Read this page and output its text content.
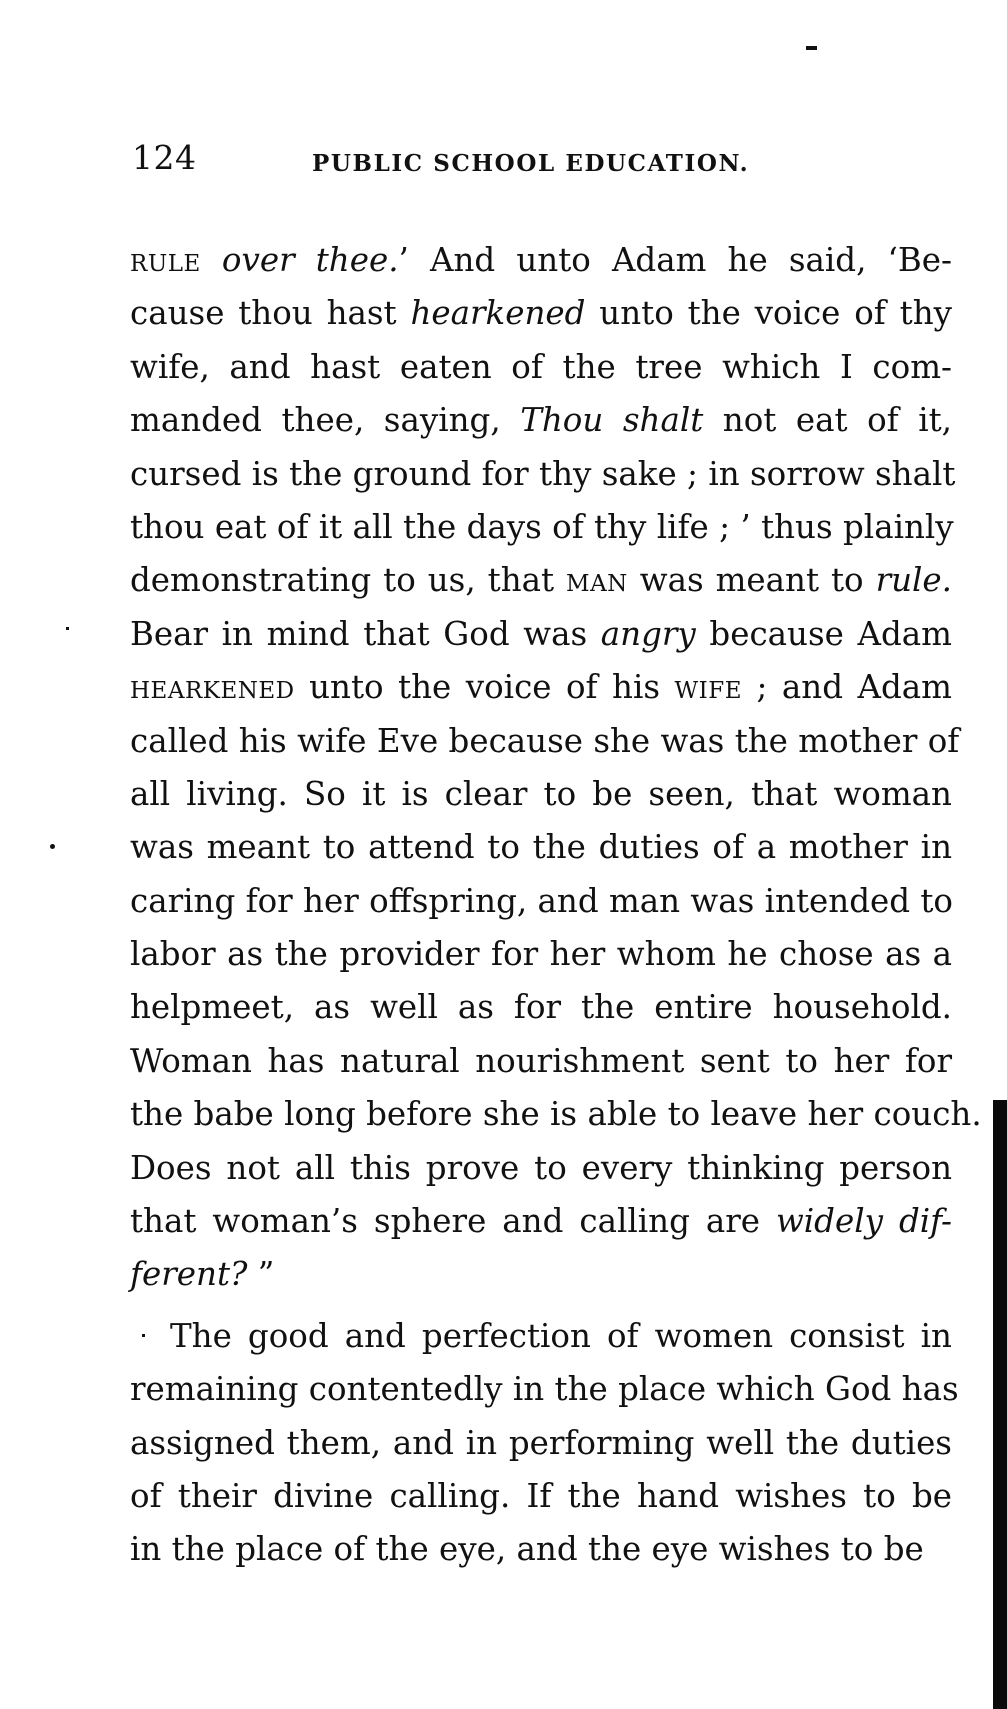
124	PUBLIC SCHOOL EDUCATION.
rule over thee.’ And unto Adam he said, ‘Be-
cause thou hast hearkened unto the voice of thy
wife, and hast eaten of the tree which I com-
manded thee, saying, Thou shalt not eat of it,
cursed is the ground for thy sake ; in sorrow shalt
thou eat of it all the days of thy life ; ’ thus plainly
demonstrating to us, that man was meant to rule.
Bear in mind that God was angry because Adam
hearkened unto the voice of his wife ; and Adam
called his wife Eve because she was the mother of
all living. So it is clear to be seen, that woman
was meant to attend to the duties of a mother in
caring for her offspring, and man was intended to
labor as the provider for her whom he chose as a
helpmeet, as well as for the entire household.
Woman has natural nourishment sent to her for
the babe long before she is able to leave her couch.
Does not all this prove to every thinking person
that woman’s sphere and calling are widely dif-
ferent? ”
The good and perfection of women consist in
remaining contentedly in the place which God has
assigned them, and in performing well the duties
of their divine calling. If the hand wishes to be
in the place of the eye, and the eye wishes to be
